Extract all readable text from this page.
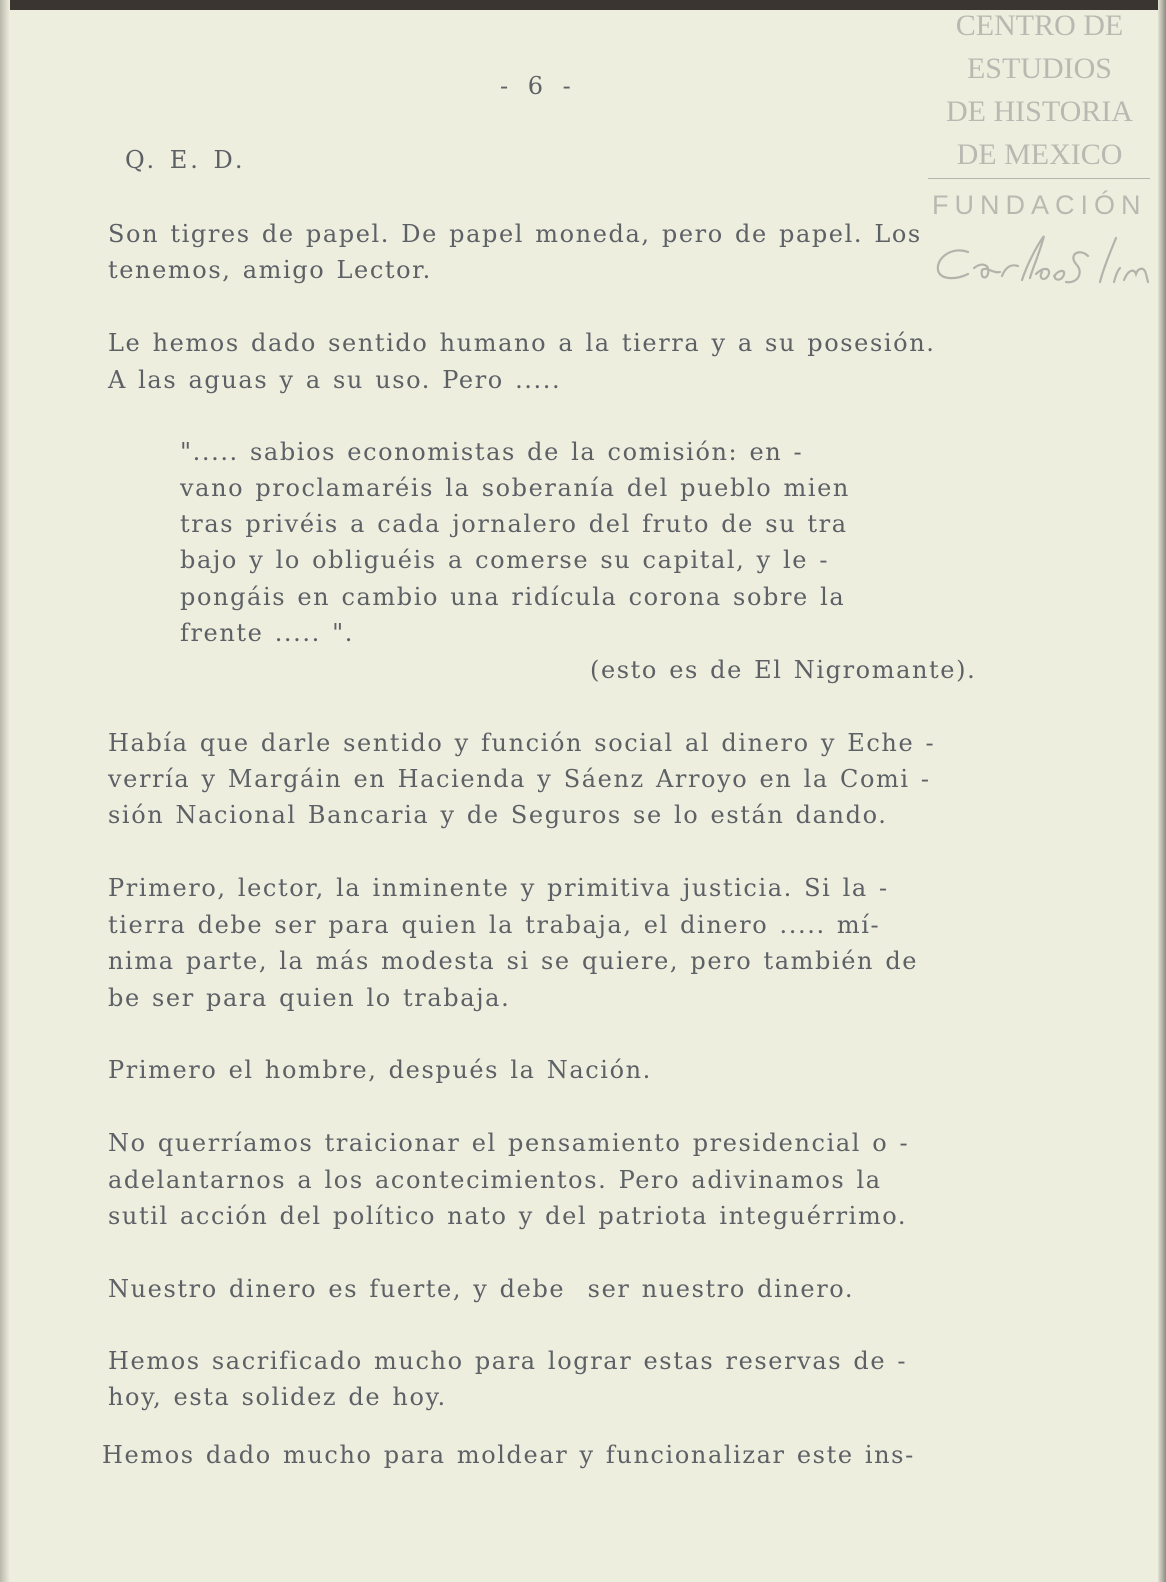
CENTRO DE
ESTUDIOS
DE HISTORIA
DE MEXICO
FUNDACIÓN
- 6 -
Q. E. D.
Son tigres de papel. De papel moneda, pero de papel. Los
tenemos, amigo Lector.
Le hemos dado sentido humano a la tierra y a su posesión.
A las aguas y a su uso. Pero .....
"..... sabios economistas de la comisión: en -
vano proclamaréis la soberanía del pueblo mien
tras privéis a cada jornalero del fruto de su tra
bajo y lo obliguéis a comerse su capital, y le -
pongáis en cambio una ridícula corona sobre la
frente ..... ".
(esto es de El Nigromante).
Había que darle sentido y función social al dinero y Eche -
verría y Margáin en Hacienda y Sáenz Arroyo en la Comi -
sión Nacional Bancaria y de Seguros se lo están dando.
Primero, lector, la inminente y primitiva justicia. Si la -
tierra debe ser para quien la trabaja, el dinero ..... mí-
nima parte, la más modesta si se quiere, pero también de
be ser para quien lo trabaja.
Primero el hombre, después la Nación.
No querríamos traicionar el pensamiento presidencial o -
adelantarnos a los acontecimientos. Pero adivinamos la
sutil acción del político nato y del patriota integuérrimo.
Nuestro dinero es fuerte, y debe  ser nuestro dinero.
Hemos sacrificado mucho para lograr estas reservas de -
hoy, esta solidez de hoy.
Hemos dado mucho para moldear y funcionalizar este ins-
